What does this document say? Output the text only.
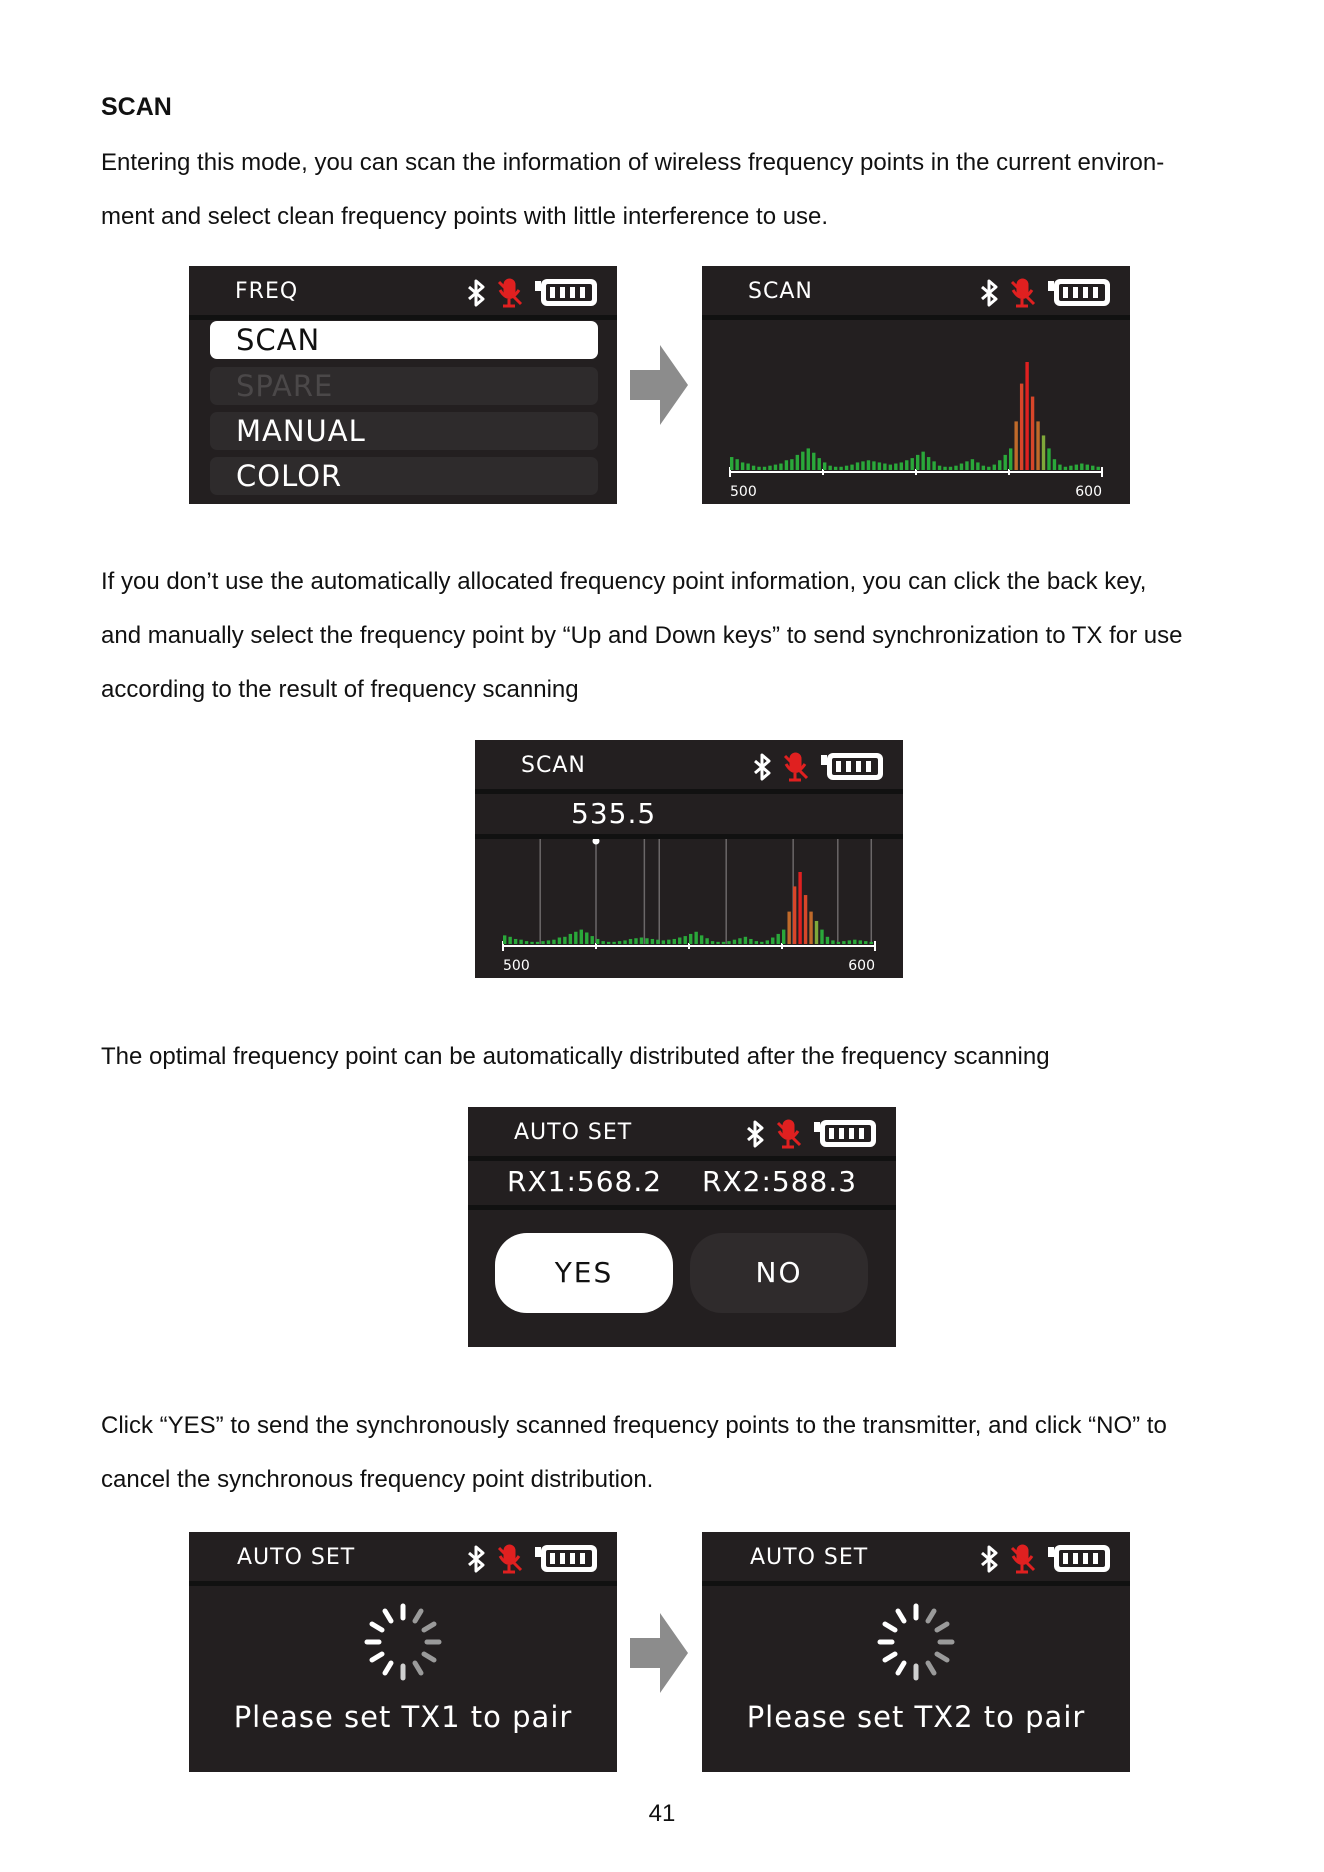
SCAN
Entering this mode, you can scan the information of wireless frequency points in the current environ-
ment and select clean frequency points with little interference to use.
FREQ
SCAN
SPARE
MANUAL
COLOR
SCAN
500	600
If you don’t use the automatically allocated frequency point information, you can click the back key,
and manually select the frequency point by “Up and Down keys” to send synchronization to TX for use
according to the result of frequency scanning
SCAN
535.5
500	600
The optimal frequency point can be automatically distributed after the frequency scanning
AUTO SET
RX1:568.2 RX2:588.3
YES	NO
Click “YES” to send the synchronously scanned frequency points to the transmitter, and click “NO” to
cancel the synchronous frequency point distribution.
AUTO SET
Please set TX1 to pair
AUTO SET
Please set TX2 to pair
41
